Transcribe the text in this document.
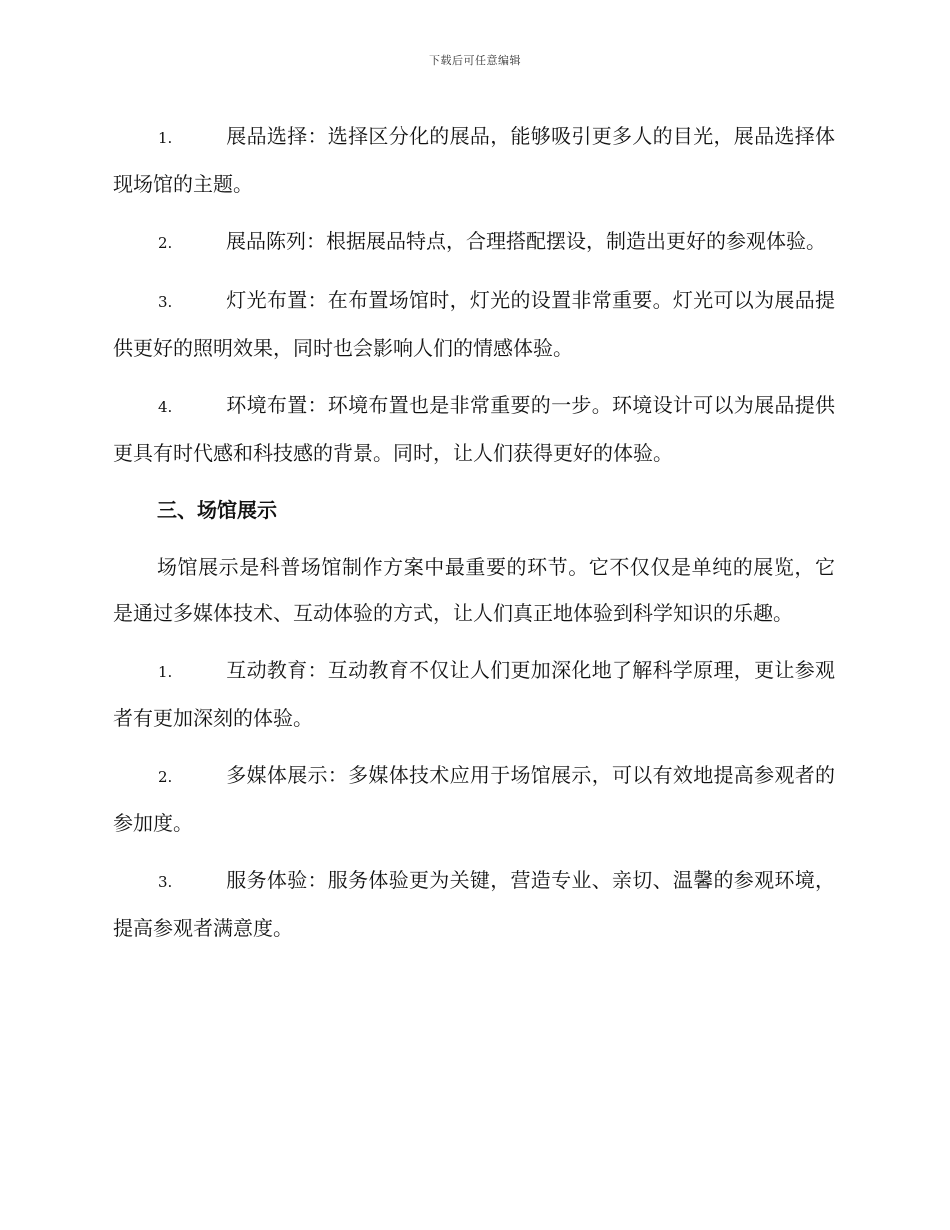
下载后可任意编辑

1.	展品选择：选择区分化的展品，能够吸引更多人的目光，展品选择体现场馆的主题。

2.	展品陈列：根据展品特点，合理搭配摆设，制造出更好的参观体验。

3.	灯光布置：在布置场馆时，灯光的设置非常重要。灯光可以为展品提供更好的照明效果，同时也会影响人们的情感体验。

4.	环境布置：环境布置也是非常重要的一步。环境设计可以为展品提供更具有时代感和科技感的背景。同时，让人们获得更好的体验。

三、场馆展示

场馆展示是科普场馆制作方案中最重要的环节。它不仅仅是单纯的展览，它是通过多媒体技术、互动体验的方式，让人们真正地体验到科学知识的乐趣。

1.	互动教育：互动教育不仅让人们更加深化地了解科学原理，更让参观者有更加深刻的体验。

2.	多媒体展示：多媒体技术应用于场馆展示，可以有效地提高参观者的参加度。

3.	服务体验：服务体验更为关键，营造专业、亲切、温馨的参观环境，提高参观者满意度。
